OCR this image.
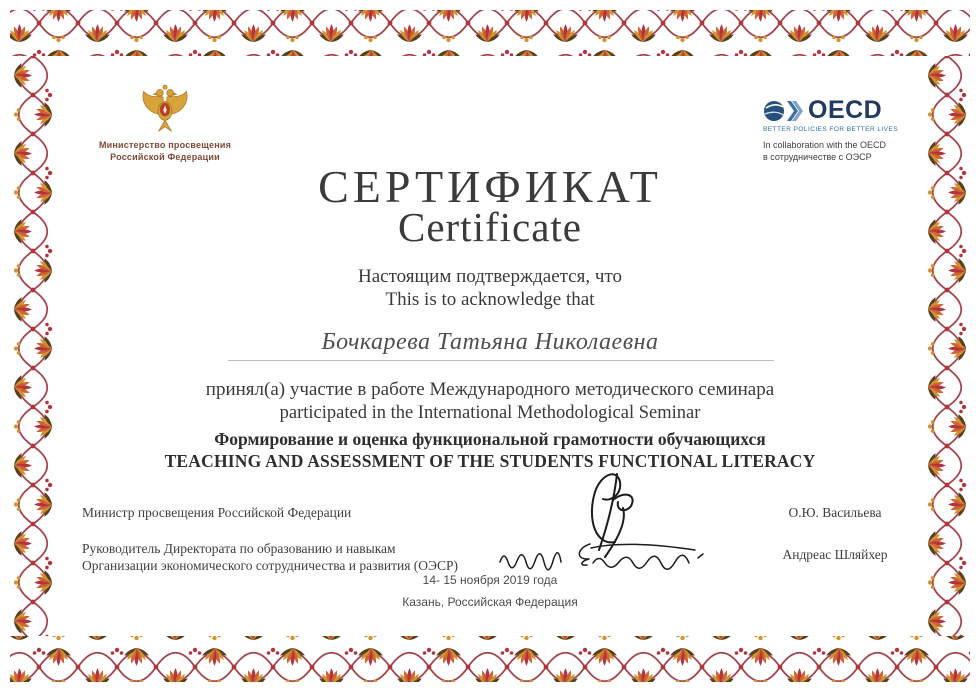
Министерство просвещения
Российской Федерации
OECD
BETTER POLICIES FOR BETTER LIVES
In collaboration with the OECD
в сотрудничестве с ОЭСР
СЕРТИФИКАТ
Certificate
Настоящим подтверждается, что
This is to acknowledge that
Бочкарева Татьяна Николаевна
принял(а) участие в работе Международного методического семинара
participated in the International Methodological Seminar
Формирование и оценка функциональной грамотности обучающихся
TEACHING AND ASSESSMENT OF THE STUDENTS FUNCTIONAL LITERACY
Министр просвещения Российской Федерации
Руководитель Директората по образованию и навыкам
Организации экономического сотрудничества и развития (ОЭСР)
О.Ю. Васильева
Андреас Шляйхер
14- 15 ноября 2019 года
Казань, Российская Федерация
